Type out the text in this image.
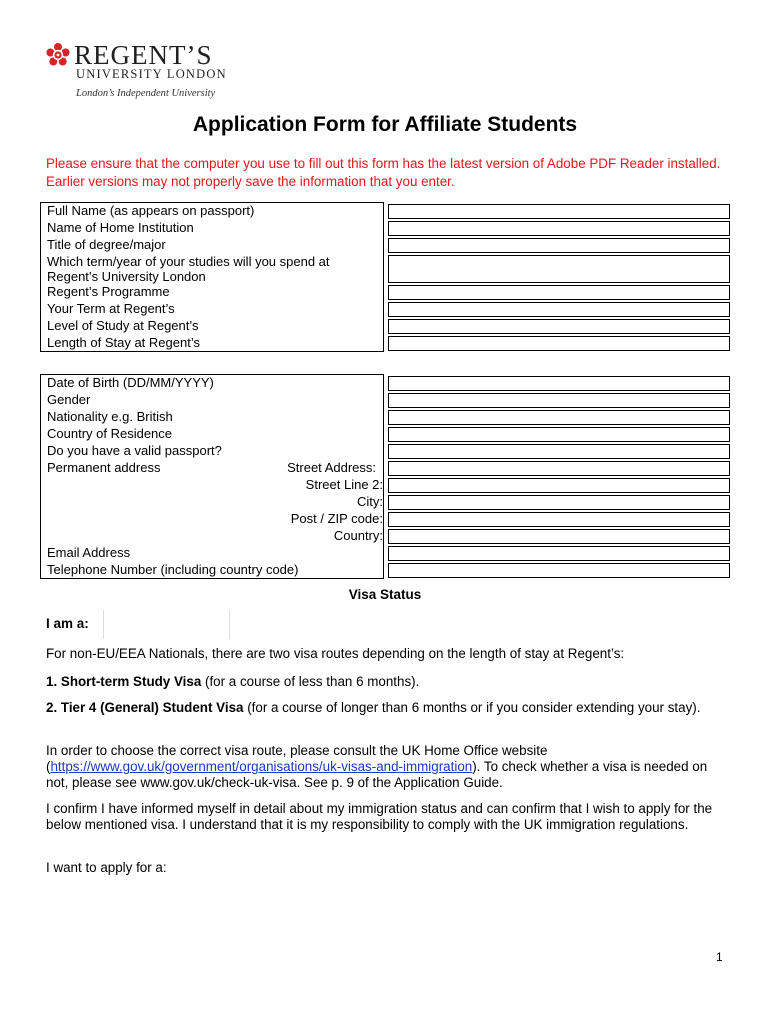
REGENT’S
UNIVERSITY LONDON
London’s Independent University
Application Form for Affiliate Students
Please ensure that the computer you use to fill out this form has the latest version of Adobe PDF Reader installed. Earlier versions may not properly save the information that you enter.
Full Name (as appears on passport)	

Name of Home Institution	

Title of degree/major	

Which term/year of your studies will you spend at
Regent’s University London	

Regent’s Programme	

Your Term at Regent’s	

Level of Study at Regent’s	

Length of Stay at Regent’s	
Date of Birth (DD/MM/YYYY)	

Gender	

Nationality e.g. British	

Country of Residence	

Do you have a valid passport?	

Permanent address Street Address:	

Street Line 2:	

City:	

Post / ZIP code:	

Country:	

Email Address	

Telephone Number (including country code)	
Visa Status
I am a:
For non-EU/EEA Nationals, there are two visa routes depending on the length of stay at Regent’s:
1. Short-term Study Visa (for a course of less than 6 months).
2. Tier 4 (General) Student Visa (for a course of longer than 6 months or if you consider extending your stay).
In order to choose the correct visa route, please consult the UK Home Office website (https://www.gov.uk/government/organisations/uk-visas-and-immigration). To check whether a visa is needed on not, please see www.gov.uk/check-uk-visa. See p. 9 of the Application Guide.
I confirm I have informed myself in detail about my immigration status and can confirm that I wish to apply for the below mentioned visa. I understand that it is my responsibility to comply with the UK immigration regulations.
I want to apply for a:
1
